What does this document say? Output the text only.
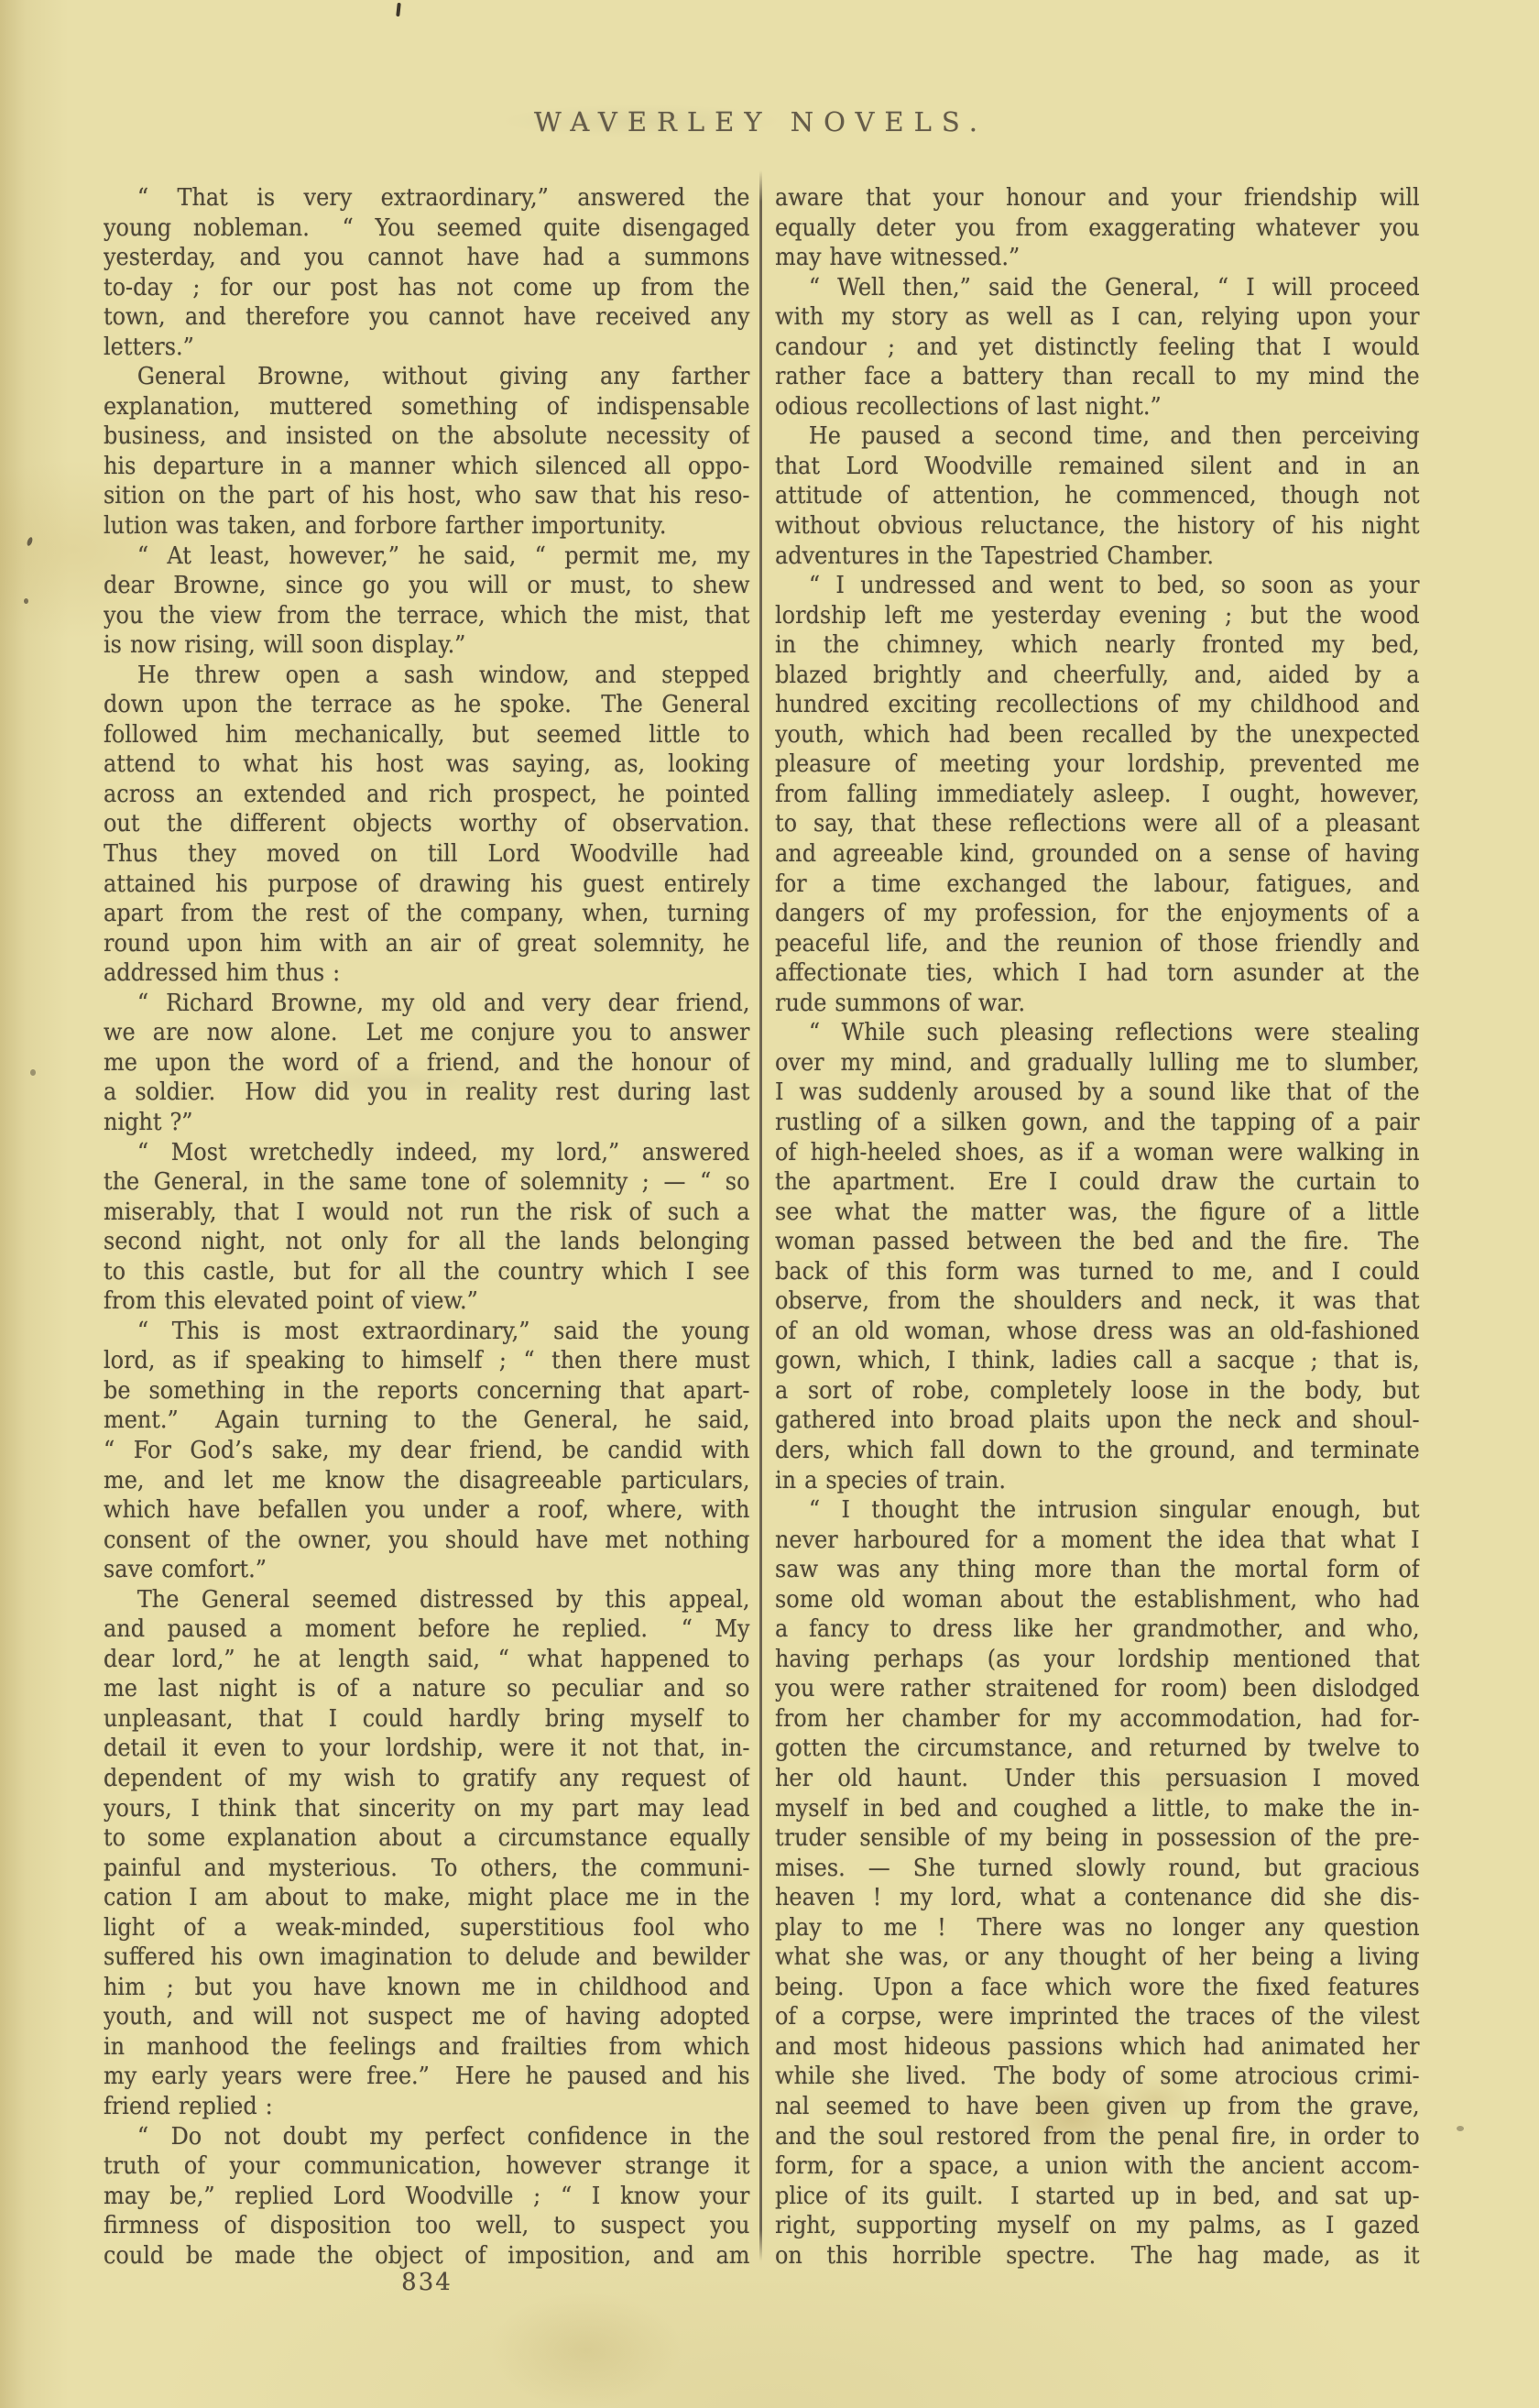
WAVERLEY NOVELS.
“ That is very extraordinary,” answered the
young nobleman.  “ You seemed quite disengaged
yesterday, and you cannot have had a summons
to-day ; for our post has not come up from the
town, and therefore you cannot have received any
letters.”
General Browne, without giving any farther
explanation, muttered something of indispensable
business, and insisted on the absolute necessity of
his departure in a manner which silenced all oppo-
sition on the part of his host, who saw that his reso-
lution was taken, and forbore farther importunity.
“ At least, however,” he said, “ permit me, my
dear Browne, since go you will or must, to shew
you the view from the terrace, which the mist, that
is now rising, will soon display.”
He threw open a sash window, and stepped
down upon the terrace as he spoke.  The General
followed him mechanically, but seemed little to
attend to what his host was saying, as, looking
across an extended and rich prospect, he pointed
out the different objects worthy of observation.
Thus they moved on till Lord Woodville had
attained his purpose of drawing his guest entirely
apart from the rest of the company, when, turning
round upon him with an air of great solemnity, he
addressed him thus :
“ Richard Browne, my old and very dear friend,
we are now alone.  Let me conjure you to answer
me upon the word of a friend, and the honour of
a soldier.  How did you in reality rest during last
night ?”
“ Most wretchedly indeed, my lord,” answered
the General, in the same tone of solemnity ; — “ so
miserably, that I would not run the risk of such a
second night, not only for all the lands belonging
to this castle, but for all the country which I see
from this elevated point of view.”
“ This is most extraordinary,” said the young
lord, as if speaking to himself ; “ then there must
be something in the reports concerning that apart-
ment.”  Again turning to the General, he said,
“ For God’s sake, my dear friend, be candid with
me, and let me know the disagreeable particulars,
which have befallen you under a roof, where, with
consent of the owner, you should have met nothing
save comfort.”
The General seemed distressed by this appeal,
and paused a moment before he replied.  “ My
dear lord,” he at length said, “ what happened to
me last night is of a nature so peculiar and so
unpleasant, that I could hardly bring myself to
detail it even to your lordship, were it not that, in-
dependent of my wish to gratify any request of
yours, I think that sincerity on my part may lead
to some explanation about a circumstance equally
painful and mysterious.  To others, the communi-
cation I am about to make, might place me in the
light of a weak-minded, superstitious fool who
suffered his own imagination to delude and bewilder
him ; but you have known me in childhood and
youth, and will not suspect me of having adopted
in manhood the feelings and frailties from which
my early years were free.”  Here he paused and his
friend replied :
“ Do not doubt my perfect confidence in the
truth of your communication, however strange it
may be,” replied Lord Woodville ; “ I know your
firmness of disposition too well, to suspect you
could be made the object of imposition, and am
aware that your honour and your friendship will
equally deter you from exaggerating whatever you
may have witnessed.”
“ Well then,” said the General, “ I will proceed
with my story as well as I can, relying upon your
candour ; and yet distinctly feeling that I would
rather face a battery than recall to my mind the
odious recollections of last night.”
He paused a second time, and then perceiving
that Lord Woodville remained silent and in an
attitude of attention, he commenced, though not
without obvious reluctance, the history of his night
adventures in the Tapestried Chamber.
“ I undressed and went to bed, so soon as your
lordship left me yesterday evening ; but the wood
in the chimney, which nearly fronted my bed,
blazed brightly and cheerfully, and, aided by a
hundred exciting recollections of my childhood and
youth, which had been recalled by the unexpected
pleasure of meeting your lordship, prevented me
from falling immediately asleep.  I ought, however,
to say, that these reflections were all of a pleasant
and agreeable kind, grounded on a sense of having
for a time exchanged the labour, fatigues, and
dangers of my profession, for the enjoyments of a
peaceful life, and the reunion of those friendly and
affectionate ties, which I had torn asunder at the
rude summons of war.
“ While such pleasing reflections were stealing
over my mind, and gradually lulling me to slumber,
I was suddenly aroused by a sound like that of the
rustling of a silken gown, and the tapping of a pair
of high-heeled shoes, as if a woman were walking in
the apartment.  Ere I could draw the curtain to
see what the matter was, the figure of a little
woman passed between the bed and the fire.  The
back of this form was turned to me, and I could
observe, from the shoulders and neck, it was that
of an old woman, whose dress was an old-fashioned
gown, which, I think, ladies call a sacque ; that is,
a sort of robe, completely loose in the body, but
gathered into broad plaits upon the neck and shoul-
ders, which fall down to the ground, and terminate
in a species of train.
“ I thought the intrusion singular enough, but
never harboured for a moment the idea that what I
saw was any thing more than the mortal form of
some old woman about the establishment, who had
a fancy to dress like her grandmother, and who,
having perhaps (as your lordship mentioned that
you were rather straitened for room) been dislodged
from her chamber for my accommodation, had for-
gotten the circumstance, and returned by twelve to
her old haunt.  Under this persuasion I moved
myself in bed and coughed a little, to make the in-
truder sensible of my being in possession of the pre-
mises. — She turned slowly round, but gracious
heaven ! my lord, what a contenance did she dis-
play to me !  There was no longer any question
what she was, or any thought of her being a living
being.  Upon a face which wore the fixed features
of a corpse, were imprinted the traces of the vilest
and most hideous passions which had animated her
while she lived.  The body of some atrocious crimi-
nal seemed to have been given up from the grave,
and the soul restored from the penal fire, in order to
form, for a space, a union with the ancient accom-
plice of its guilt.  I started up in bed, and sat up-
right, supporting myself on my palms, as I gazed
on this horrible spectre.  The hag made, as it
834
